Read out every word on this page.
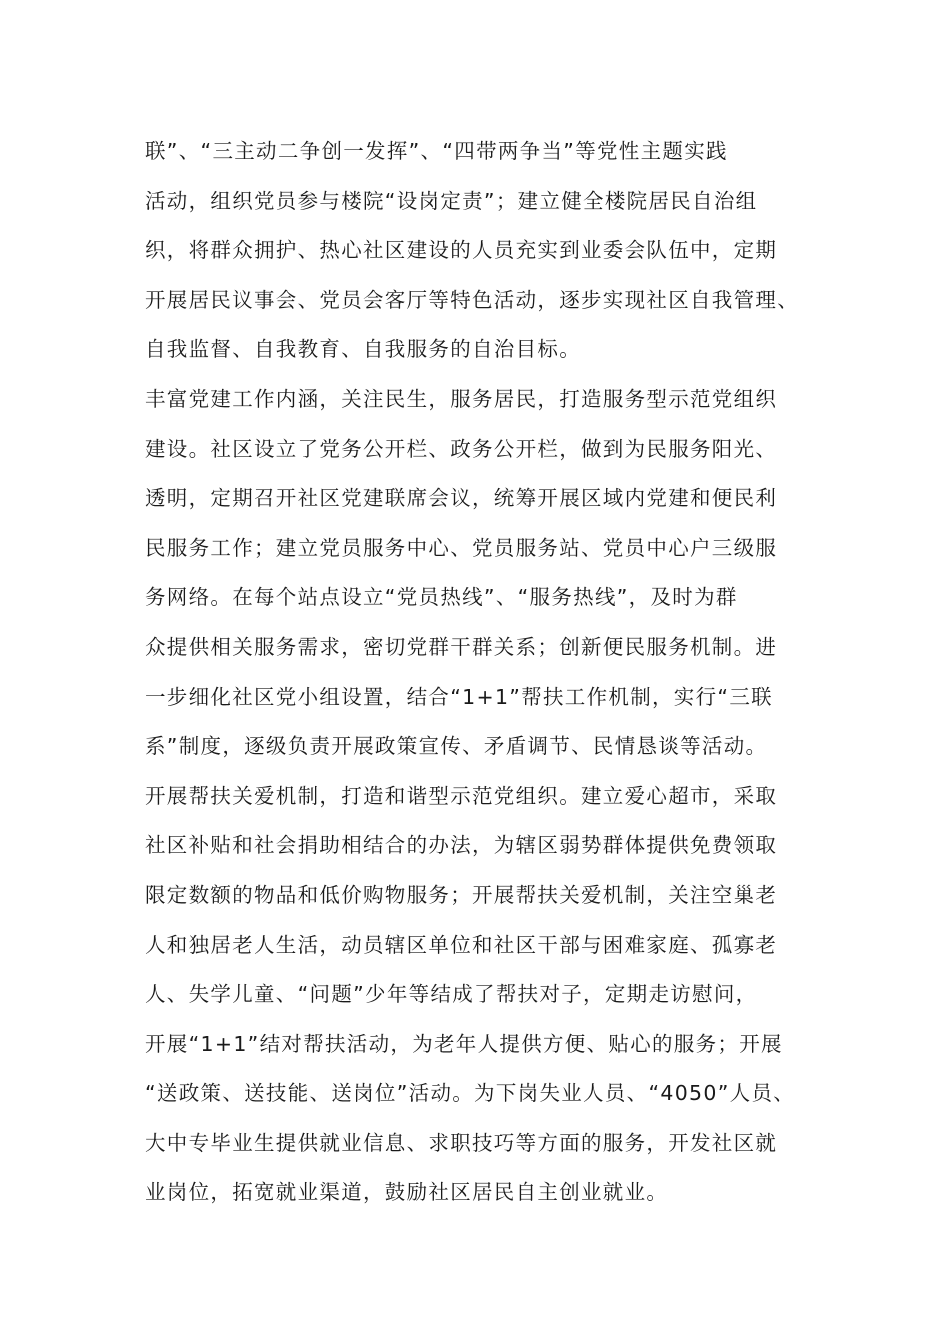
联”、“三主动二争创一发挥”、“四带两争当”等党性主题实践
活动，组织党员参与楼院“设岗定责”；建立健全楼院居民自治组
织，将群众拥护、热心社区建设的人员充实到业委会队伍中，定期
开展居民议事会、党员会客厅等特色活动，逐步实现社区自我管理、
自我监督、自我教育、自我服务的自治目标。
丰富党建工作内涵，关注民生，服务居民，打造服务型示范党组织
建设。社区设立了党务公开栏、政务公开栏，做到为民服务阳光、
透明，定期召开社区党建联席会议，统筹开展区域内党建和便民利
民服务工作；建立党员服务中心、党员服务站、党员中心户三级服
务网络。在每个站点设立“党员热线”、“服务热线”，及时为群
众提供相关服务需求，密切党群干群关系；创新便民服务机制。进
一步细化社区党小组设置，结合“1+1”帮扶工作机制，实行“三联
系”制度，逐级负责开展政策宣传、矛盾调节、民情恳谈等活动。
开展帮扶关爱机制，打造和谐型示范党组织。建立爱心超市，采取
社区补贴和社会捐助相结合的办法，为辖区弱势群体提供免费领取
限定数额的物品和低价购物服务；开展帮扶关爱机制，关注空巢老
人和独居老人生活，动员辖区单位和社区干部与困难家庭、孤寡老
人、失学儿童、“问题”少年等结成了帮扶对子，定期走访慰问，
开展“1+1”结对帮扶活动，为老年人提供方便、贴心的服务；开展
“送政策、送技能、送岗位”活动。为下岗失业人员、“4050”人员、
大中专毕业生提供就业信息、求职技巧等方面的服务，开发社区就
业岗位，拓宽就业渠道，鼓励社区居民自主创业就业。
